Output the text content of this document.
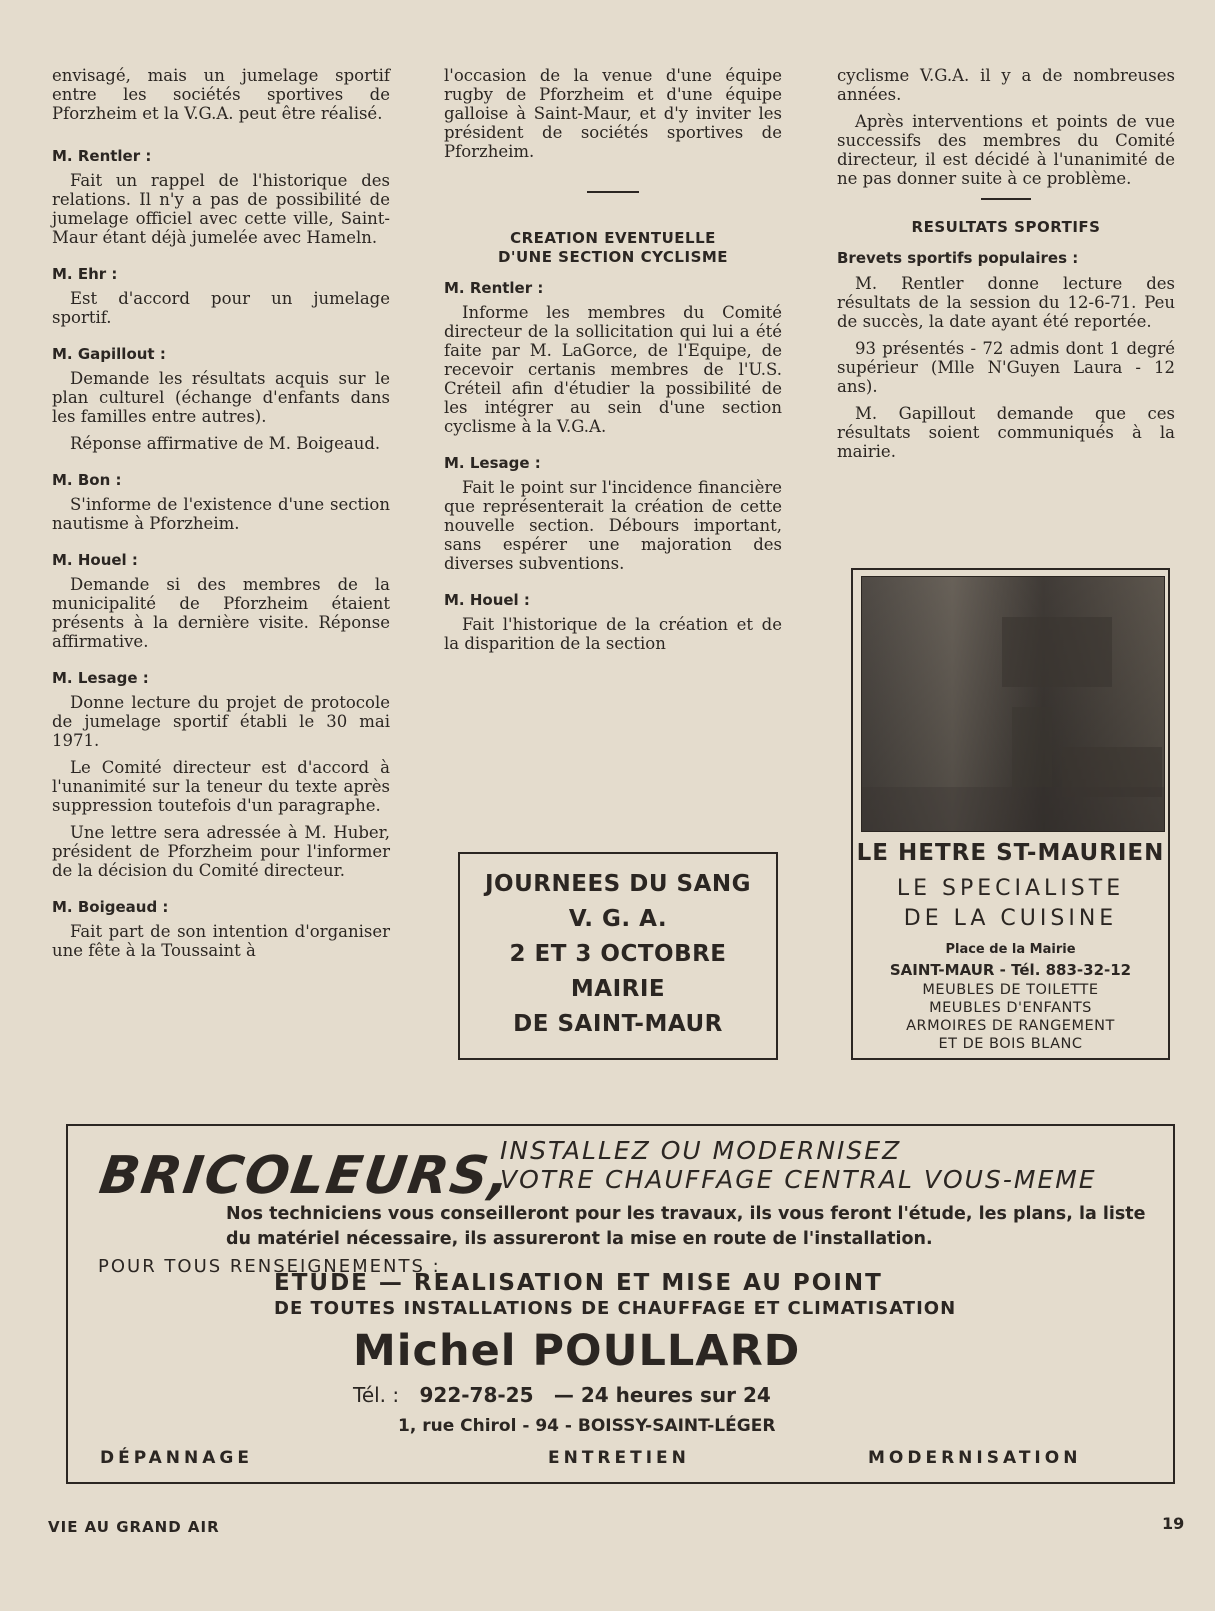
envisagé, mais un jumelage sportif entre les sociétés sportives de Pforzheim et la V.G.A. peut être réalisé.

M. Rentler :

Fait un rappel de l'historique des relations. Il n'y a pas de possibilité de jumelage officiel avec cette ville, Saint-Maur étant déjà jumelée avec Hameln.

M. Ehr :

Est d'accord pour un jumelage sportif.

M. Gapillout :

Demande les résultats acquis sur le plan culturel (échange d'enfants dans les familles entre autres).

Réponse affirmative de M. Boigeaud.

M. Bon :

S'informe de l'existence d'une section nautisme à Pforzheim.

M. Houel :

Demande si des membres de la municipalité de Pforzheim étaient présents à la dernière visite. Réponse affirmative.

M. Lesage :

Donne lecture du projet de protocole de jumelage sportif établi le 30 mai 1971.

Le Comité directeur est d'accord à l'unanimité sur la teneur du texte après suppression toutefois d'un paragraphe.

Une lettre sera adressée à M. Huber, président de Pforzheim pour l'informer de la décision du Comité directeur.

M. Boigeaud :

Fait part de son intention d'organiser une fête à la Toussaint à

l'occasion de la venue d'une équipe rugby de Pforzheim et d'une équipe galloise à Saint-Maur, et d'y inviter les président de sociétés sportives de Pforzheim.

CREATION EVENTUELLE
D'UNE SECTION CYCLISME
M. Rentler :

Informe les membres du Comité directeur de la sollicitation qui lui a été faite par M. LaGorce, de l'Equipe, de recevoir certanis membres de l'U.S. Créteil afin d'étudier la possibilité de les intégrer au sein d'une section cyclisme à la V.G.A.

M. Lesage :

Fait le point sur l'incidence financière que représenterait la création de cette nouvelle section. Débours important, sans espérer une majoration des diverses subventions.

M. Houel :

Fait l'historique de la création et de la disparition de la section

cyclisme V.G.A. il y a de nombreuses années.

Après interventions et points de vue successifs des membres du Comité directeur, il est décidé à l'unanimité de ne pas donner suite à ce problème.

RESULTATS SPORTIFS
Brevets sportifs populaires :

M. Rentler donne lecture des résultats de la session du 12-6-71. Peu de succès, la date ayant été reportée.

93 présentés - 72 admis dont 1 degré supérieur (Mlle N'Guyen Laura - 12 ans).

M. Gapillout demande que ces résultats soient communiqués à la mairie.

JOURNEES DU SANG
V. G. A.
2 ET 3 OCTOBRE
MAIRIE
DE SAINT-MAUR
LE HETRE ST-MAURIEN
LE SPECIALISTE
DE LA CUISINE
Place de la Mairie
SAINT-MAUR - Tél. 883-32-12
MEUBLES DE TOILETTE
MEUBLES D'ENFANTS
ARMOIRES DE RANGEMENT
ET DE BOIS BLANC
BRICOLEURS,
INSTALLEZ OU MODERNISEZ
VOTRE CHAUFFAGE CENTRAL VOUS-MEME
Nos techniciens vous conseilleront pour les travaux, ils vous feront l'étude, les plans, la liste du matériel nécessaire, ils assureront la mise en route de l'installation.
POUR TOUS RENSEIGNEMENTS :
ETUDE — REALISATION ET MISE AU POINT
DE TOUTES INSTALLATIONS DE CHAUFFAGE ET CLIMATISATION
Michel POULLARD
Tél. : 922-78-25 — 24 heures sur 24
1, rue Chirol - 94 - BOISSY-SAINT-LÉGER
DÉPANNAGE	ENTRETIEN	MODERNISATION
VIE AU GRAND AIR	19
